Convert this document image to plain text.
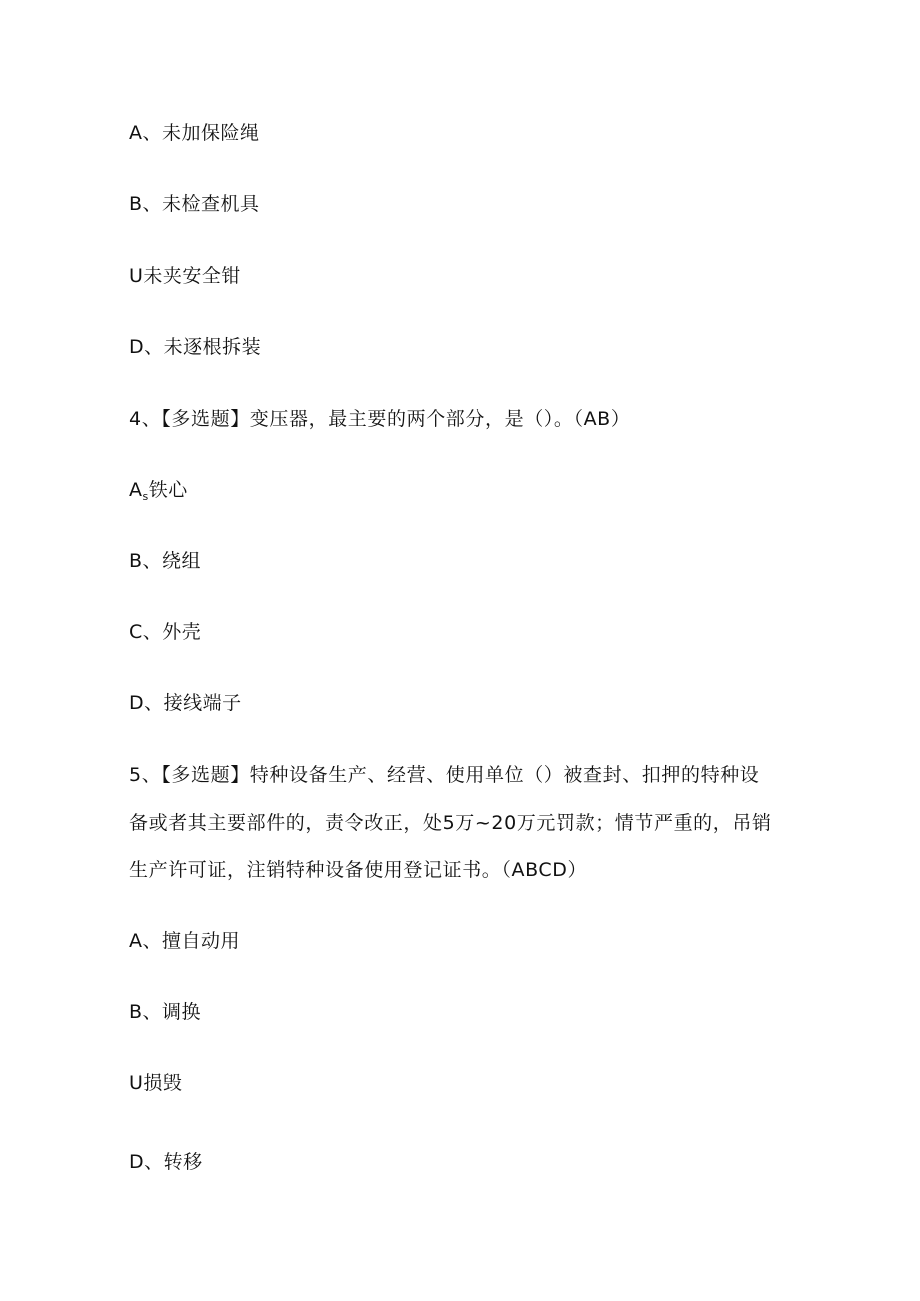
A、未加保险绳
B、未检查机具
U未夹安全钳
D、未逐根拆装
4、【多选题】变压器，最主要的两个部分，是（）。（AB）
$A_s$铁心
B、绕组
C、外壳
D、接线端子
5、【多选题】特种设备生产、经营、使用单位（）被查封、扣押的特种设
备或者其主要部件的，责令改正，处5万~20万元罚款；情节严重的，吊销
生产许可证，注销特种设备使用登记证书。（ABCD）
A、擅自动用
B、调换
U损毁
D、转移
